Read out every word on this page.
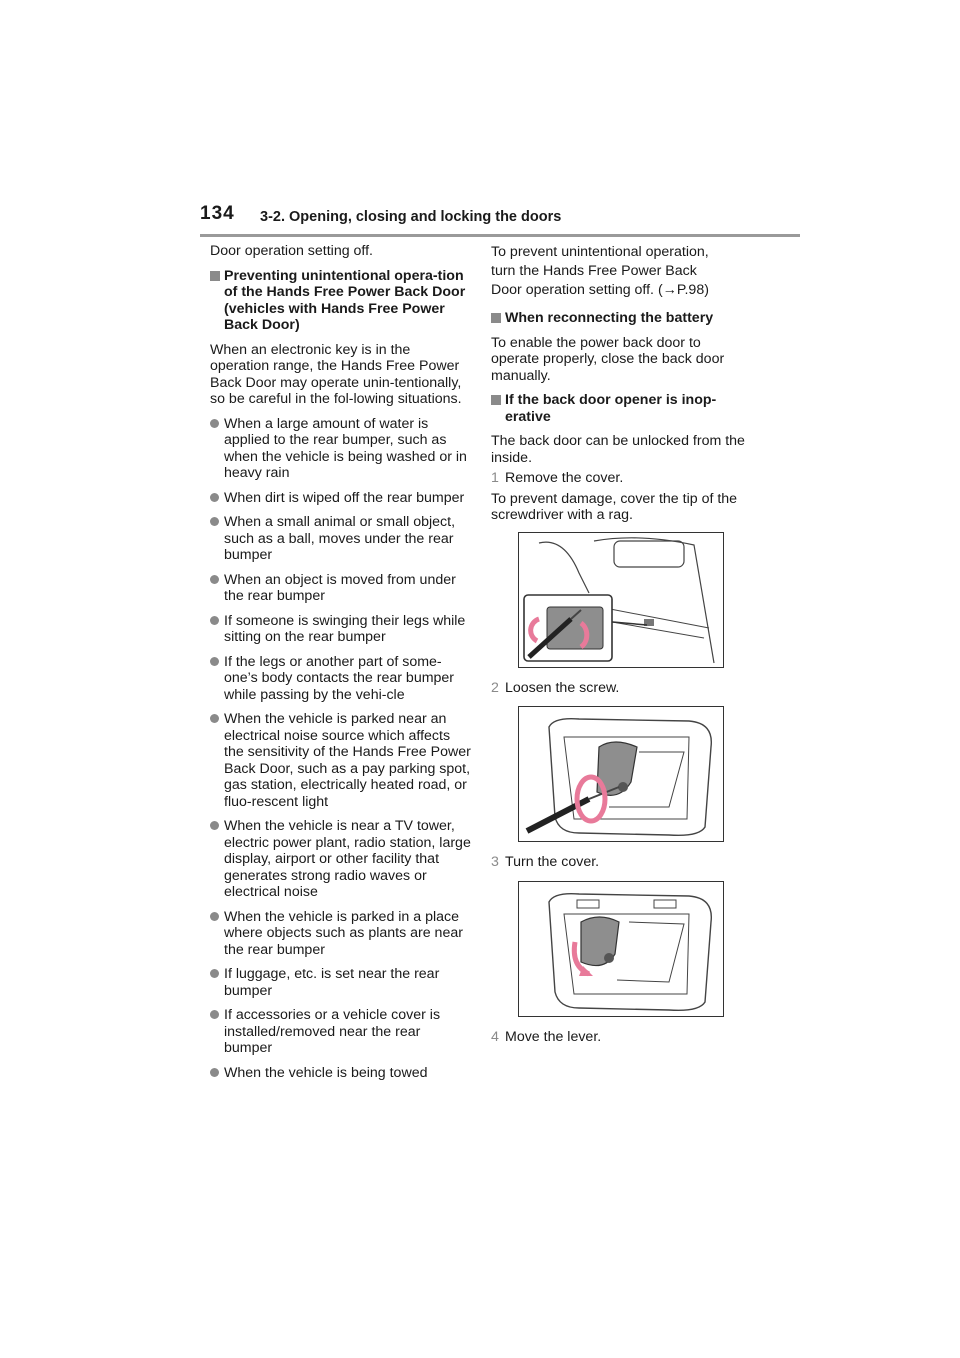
134 3-2. Opening, closing and locking the doors

Door operation setting off.

Preventing unintentional opera-tion of the Hands Free Power Back Door (vehicles with Hands Free Power Back Door)

When an electronic key is in the operation range, the Hands Free Power Back Door may operate unin-tentionally, so be careful in the fol-lowing situations.

When a large amount of water is applied to the rear bumper, such as when the vehicle is being washed or in heavy rain
When dirt is wiped off the rear bumper
When a small animal or small object, such as a ball, moves under the rear bumper
When an object is moved from under the rear bumper
If someone is swinging their legs while sitting on the rear bumper
If the legs or another part of some-one’s body contacts the rear bumper while passing by the vehi-cle
When the vehicle is parked near an electrical noise source which affects the sensitivity of the Hands Free Power Back Door, such as a pay parking spot, gas station, electrically heated road, or fluo-rescent light
When the vehicle is near a TV tower, electric power plant, radio station, large display, airport or other facility that generates strong radio waves or electrical noise
When the vehicle is parked in a place where objects such as plants are near the rear bumper
If luggage, etc. is set near the rear bumper
If accessories or a vehicle cover is installed/removed near the rear bumper
When the vehicle is being towed

To prevent unintentional operation,

turn the Hands Free Power Back

Door operation setting off. (→P.98)

When reconnecting the battery

To enable the power back door to operate properly, close the back door manually.

If the back door opener is inop-erative

The back door can be unlocked from the inside.

1 Remove the cover.

To prevent damage, cover the tip of the screwdriver with a rag.

2 Loosen the screw.
3 Turn the cover.
4 Move the lever.
